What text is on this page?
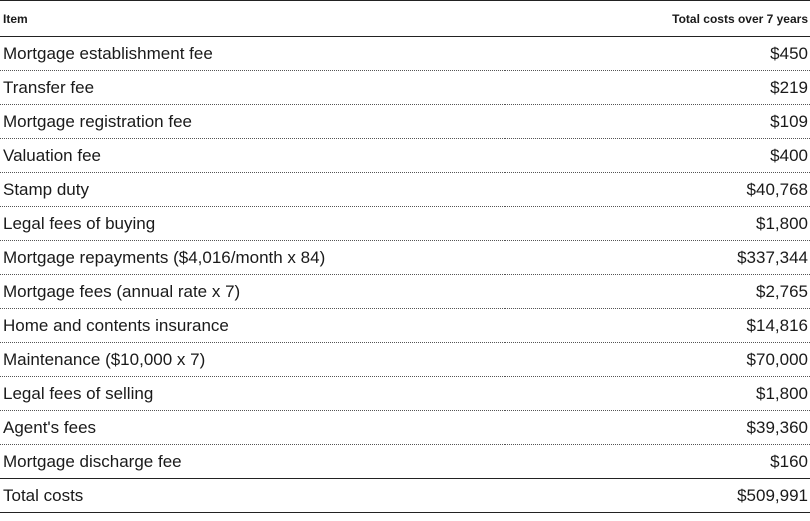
Item	Total costs over 7 years
Mortgage establishment fee	$450
Transfer fee	$219
Mortgage registration fee	$109
Valuation fee	$400
Stamp duty	$40,768
Legal fees of buying	$1,800
Mortgage repayments ($4,016/month x 84)	$337,344
Mortgage fees (annual rate x 7)	$2,765
Home and contents insurance	$14,816
Maintenance ($10,000 x 7)	$70,000
Legal fees of selling	$1,800
Agent's fees	$39,360
Mortgage discharge fee	$160
Total costs	$509,991
